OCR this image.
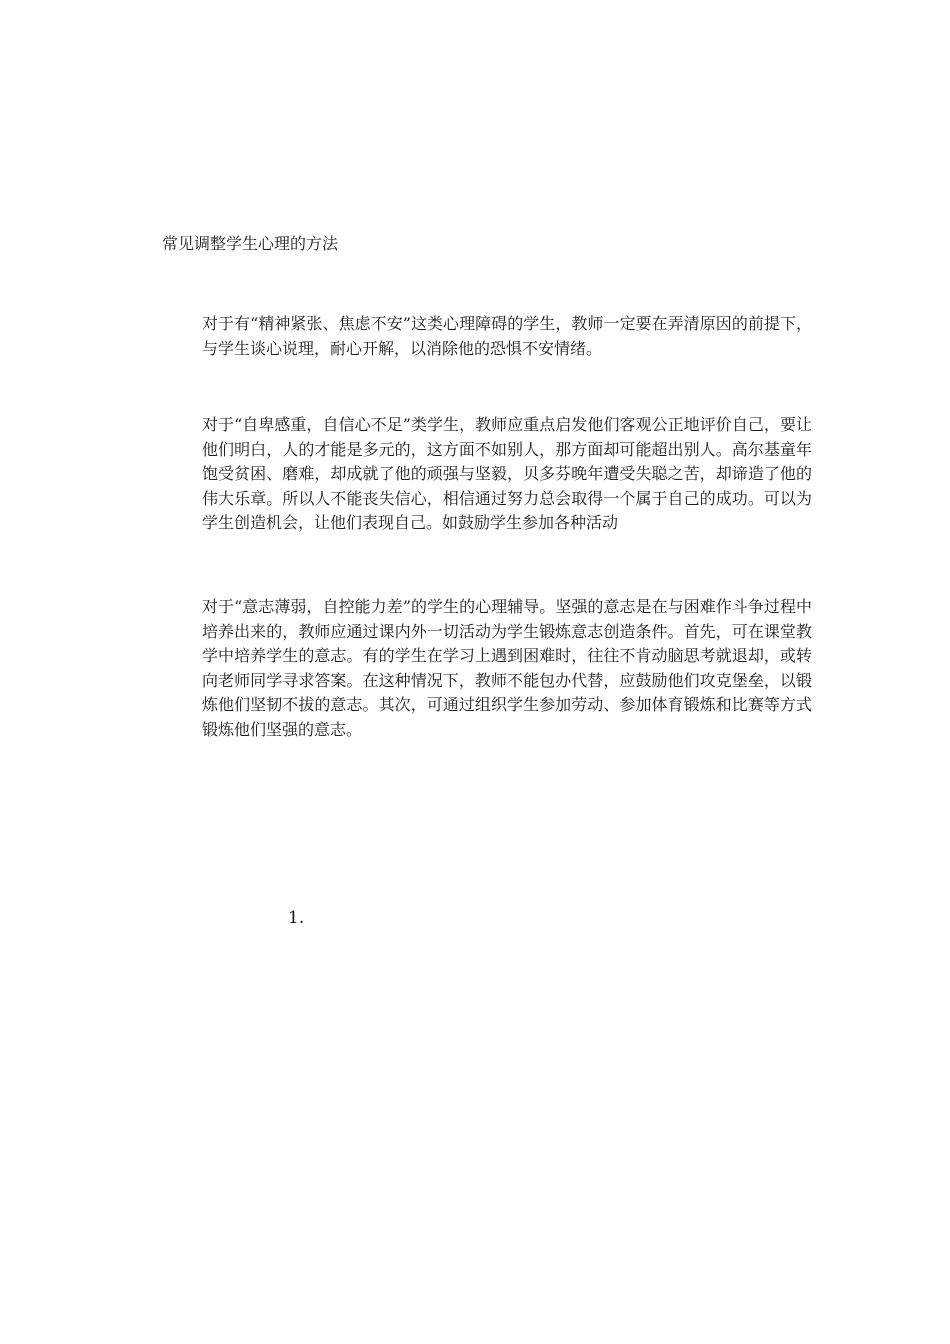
常见调整学生心理的方法

对于有“精神紧张、焦虑不安”这类心理障碍的学生，教师一定要在弄清原因的前提下，与学生谈心说理，耐心开解，以消除他的恐惧不安情绪。

对于“自卑感重，自信心不足”类学生，教师应重点启发他们客观公正地评价自己，要让他们明白，人的才能是多元的，这方面不如别人，那方面却可能超出别人。高尔基童年饱受贫困、磨难，却成就了他的顽强与坚毅，贝多芬晚年遭受失聪之苦，却谛造了他的伟大乐章。所以人不能丧失信心，相信通过努力总会取得一个属于自己的成功。可以为学生创造机会，让他们表现自己。如鼓励学生参加各种活动

对于“意志薄弱，自控能力差”的学生的心理辅导。坚强的意志是在与困难作斗争过程中培养出来的，教师应通过课内外一切活动为学生锻炼意志创造条件。首先，可在课堂教学中培养学生的意志。有的学生在学习上遇到困难时，往往不肯动脑思考就退却，或转向老师同学寻求答案。在这种情况下，教师不能包办代替，应鼓励他们攻克堡垒，以锻炼他们坚韧不拔的意志。其次，可通过组织学生参加劳动、参加体育锻炼和比赛等方式锻炼他们坚强的意志。

1.
